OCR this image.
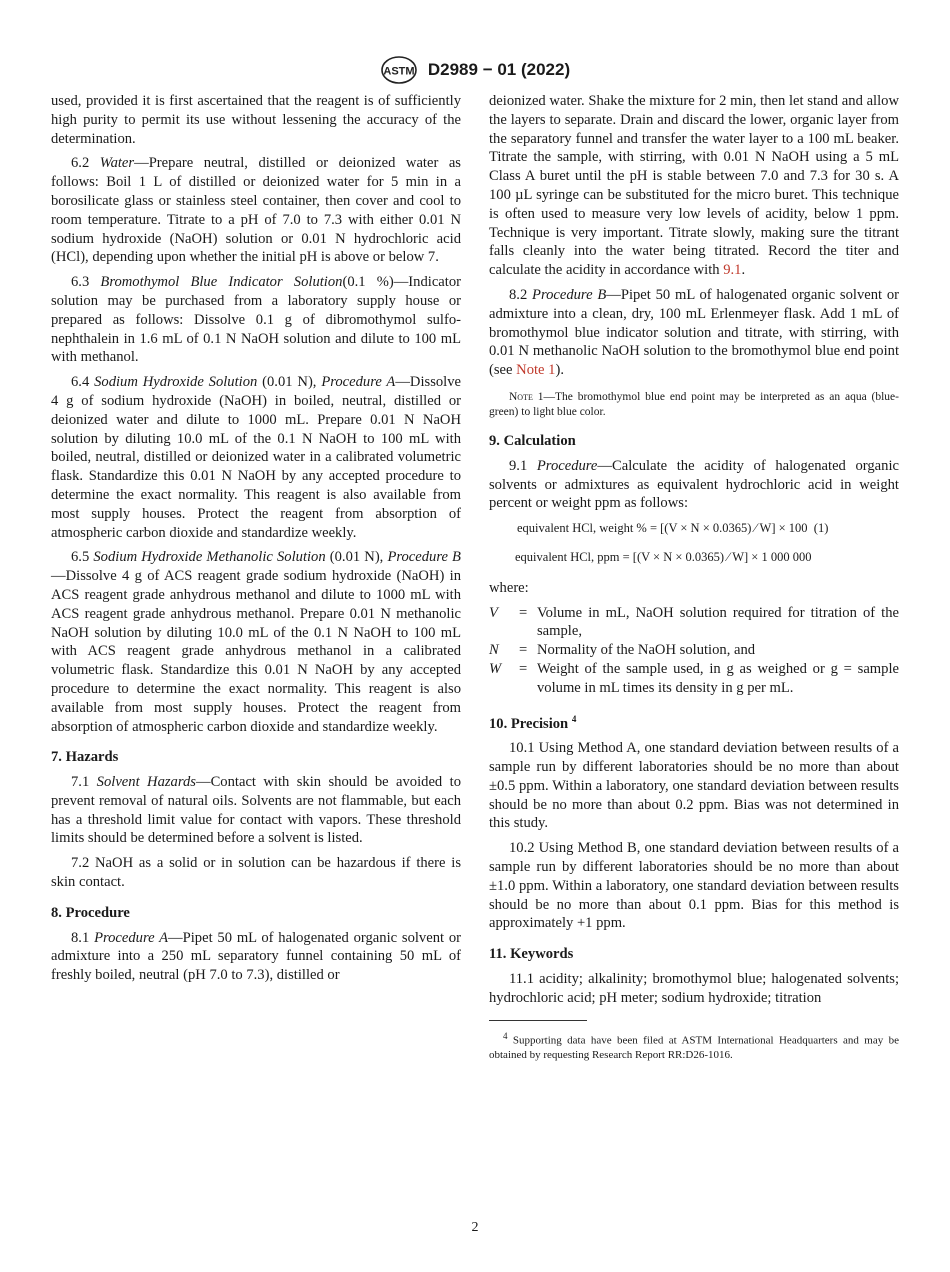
ASTM D2989 − 01 (2022)

used, provided it is first ascertained that the reagent is of sufficiently high purity to permit its use without lessening the accuracy of the determination.

6.2 Water—Prepare neutral, distilled or deionized water as follows: Boil 1 L of distilled or deionized water for 5 min in a borosilicate glass or stainless steel container, then cover and cool to room temperature. Titrate to a pH of 7.0 to 7.3 with either 0.01 N sodium hydroxide (NaOH) solution or 0.01 N hydrochloric acid (HCl), depending upon whether the initial pH is above or below 7.

6.3 Bromothymol Blue Indicator Solution(0.1 %)—Indicator solution may be purchased from a laboratory supply house or prepared as follows: Dissolve 0.1 g of dibromothymol sulfo-nephthalein in 1.6 mL of 0.1 N NaOH solution and dilute to 100 mL with methanol.

6.4 Sodium Hydroxide Solution (0.01 N), Procedure A—Dissolve 4 g of sodium hydroxide (NaOH) in boiled, neutral, distilled or deionized water and dilute to 1000 mL. Prepare 0.01 N NaOH solution by diluting 10.0 mL of the 0.1 N NaOH to 100 mL with boiled, neutral, distilled or deionized water in a calibrated volumetric flask. Standardize this 0.01 N NaOH by any accepted procedure to determine the exact normality. This reagent is also available from most supply houses. Protect the reagent from absorption of atmospheric carbon dioxide and standardize weekly.

6.5 Sodium Hydroxide Methanolic Solution (0.01 N), Procedure B—Dissolve 4 g of ACS reagent grade sodium hydroxide (NaOH) in ACS reagent grade anhydrous methanol and dilute to 1000 mL with ACS reagent grade anhydrous methanol. Prepare 0.01 N methanolic NaOH solution by diluting 10.0 mL of the 0.1 N NaOH to 100 mL with ACS reagent grade anhydrous methanol in a calibrated volumetric flask. Standardize this 0.01 N NaOH by any accepted procedure to determine the exact normality. This reagent is also available from most supply houses. Protect the reagent from absorption of atmospheric carbon dioxide and standardize weekly.

7. Hazards

7.1 Solvent Hazards—Contact with skin should be avoided to prevent removal of natural oils. Solvents are not flammable, but each has a threshold limit value for contact with vapors. These threshold limits should be determined before a solvent is listed.

7.2 NaOH as a solid or in solution can be hazardous if there is skin contact.

8. Procedure

8.1 Procedure A—Pipet 50 mL of halogenated organic solvent or admixture into a 250 mL separatory funnel containing 50 mL of freshly boiled, neutral (pH 7.0 to 7.3), distilled or

deionized water. Shake the mixture for 2 min, then let stand and allow the layers to separate. Drain and discard the lower, organic layer from the separatory funnel and transfer the water layer to a 100 mL beaker. Titrate the sample, with stirring, with 0.01 N NaOH using a 5 mL Class A buret until the pH is stable between 7.0 and 7.3 for 30 s. A 100 µL syringe can be substituted for the micro buret. This technique is often used to measure very low levels of acidity, below 1 ppm. Technique is very important. Titrate slowly, making sure the titrant falls cleanly into the water being titrated. Record the titer and calculate the acidity in accordance with 9.1.

8.2 Procedure B—Pipet 50 mL of halogenated organic solvent or admixture into a clean, dry, 100 mL Erlenmeyer flask. Add 1 mL of bromothymol blue indicator solution and titrate, with stirring, with 0.01 N methanolic NaOH solution to the bromothymol blue end point (see Note 1).

Note 1—The bromothymol blue end point may be interpreted as an aqua (blue-green) to light blue color.

9. Calculation

9.1 Procedure—Calculate the acidity of halogenated organic solvents or admixtures as equivalent hydrochloric acid in weight percent or weight ppm as follows:

equivalent HCl, weight % = [(V × N × 0.0365) ⁄ W] × 100 (1)
equivalent HCl, ppm = [(V × N × 0.0365) ⁄ W] × 1 000 000

where:

V	= Volume in mL, NaOH solution required for titration of the sample,
N	= Normality of the NaOH solution, and
W	= Weight of the sample used, in g as weighed or g = sample volume in mL times its density in g per mL.
10. Precision $^4$

10.1 Using Method A, one standard deviation between results of a sample run by different laboratories should be no more than about ±0.5 ppm. Within a laboratory, one standard deviation between results should be no more than about 0.2 ppm. Bias was not determined in this study.

10.2 Using Method B, one standard deviation between results of a sample run by different laboratories should be no more than about ±1.0 ppm. Within a laboratory, one standard deviation between results should be no more than about 0.1 ppm. Bias for this method is approximately +1 ppm.

11. Keywords

11.1 acidity; alkalinity; bromothymol blue; halogenated solvents; hydrochloric acid; pH meter; sodium hydroxide; titration

$^4$ Supporting data have been filed at ASTM International Headquarters and may be obtained by requesting Research Report RR:D26-1016.

2
